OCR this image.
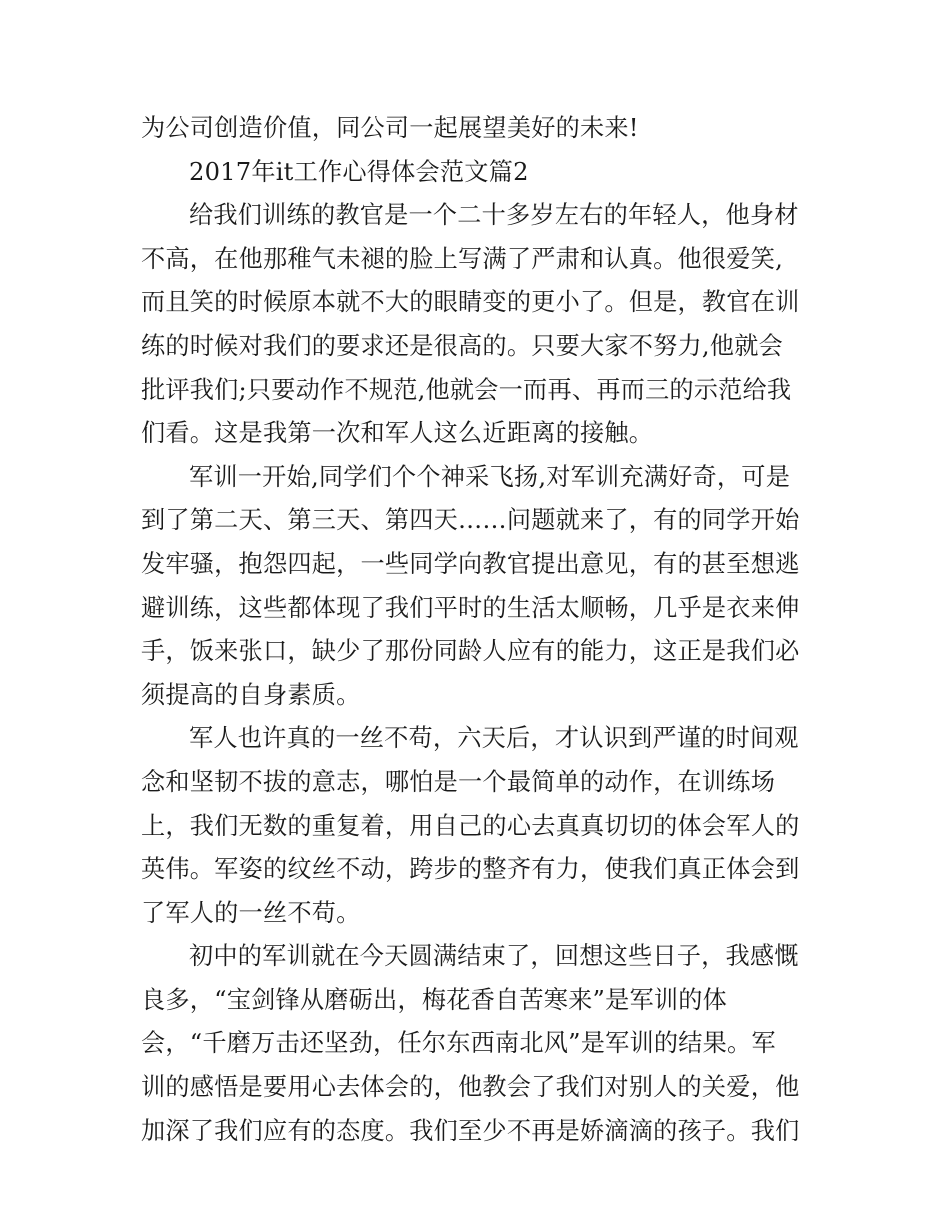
为公司创造价值，同公司一起展望美好的未来!
2017年it工作心得体会范文篇2
给我们训练的教官是一个二十多岁左右的年轻人，他身材
不高，在他那稚气未褪的脸上写满了严肃和认真。他很爱笑,
而且笑的时候原本就不大的眼睛变的更小了。但是，教官在训
练的时候对我们的要求还是很高的。只要大家不努力,他就会
批评我们;只要动作不规范,他就会一而再、再而三的示范给我
们看。这是我第一次和军人这么近距离的接触。
军训一开始,同学们个个神采飞扬,对军训充满好奇，可是
到了第二天、第三天、第四天……问题就来了，有的同学开始
发牢骚，抱怨四起，一些同学向教官提出意见，有的甚至想逃
避训练，这些都体现了我们平时的生活太顺畅，几乎是衣来伸
手，饭来张口，缺少了那份同龄人应有的能力，这正是我们必
须提高的自身素质。
军人也许真的一丝不苟，六天后，才认识到严谨的时间观
念和坚韧不拔的意志，哪怕是一个最简单的动作，在训练场
上，我们无数的重复着，用自己的心去真真切切的体会军人的
英伟。军姿的纹丝不动，跨步的整齐有力，使我们真正体会到
了军人的一丝不苟。
初中的军训就在今天圆满结束了，回想这些日子，我感慨
良多，“宝剑锋从磨砺出，梅花香自苦寒来”是军训的体
会，“千磨万击还坚劲，任尔东西南北风”是军训的结果。军
训的感悟是要用心去体会的，他教会了我们对别人的关爱，他
加深了我们应有的态度。我们至少不再是娇滴滴的孩子。我们
